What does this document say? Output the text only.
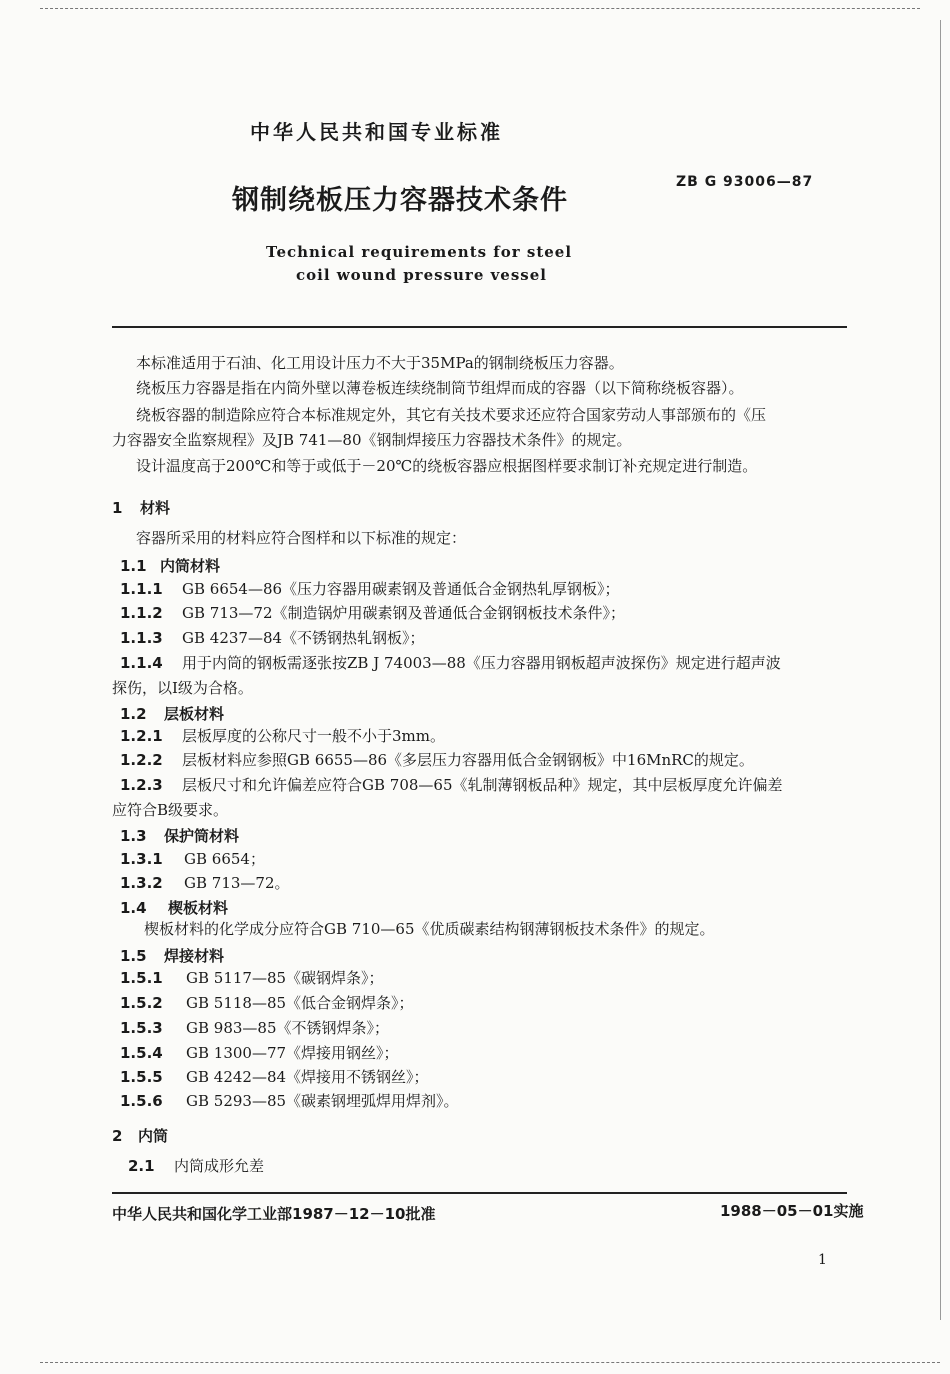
中华人民共和国专业标准
ZB G 93006—87
钢制绕板压力容器技术条件
Technical requirements for steel
coil wound pressure vessel
本标准适用于石油、化工用设计压力不大于35MPa的钢制绕板压力容器。
绕板压力容器是指在内筒外壁以薄卷板连续绕制筒节组焊而成的容器（以下简称绕板容器）。
绕板容器的制造除应符合本标准规定外，其它有关技术要求还应符合国家劳动人事部颁布的《压
力容器安全监察规程》及JB 741—80《钢制焊接压力容器技术条件》的规定。
设计温度高于200℃和等于或低于－20℃的绕板容器应根据图样要求制订补充规定进行制造。
1 材料
容器所采用的材料应符合图样和以下标准的规定：
1.1 内筒材料
1.1.1 GB 6654—86《压力容器用碳素钢及普通低合金钢热轧厚钢板》；
1.1.2 GB 713—72《制造锅炉用碳素钢及普通低合金钢钢板技术条件》；
1.1.3 GB 4237—84《不锈钢热轧钢板》；
1.1.4 用于内筒的钢板需逐张按ZB J 74003—88《压力容器用钢板超声波探伤》规定进行超声波
探伤，以Ⅰ级为合格。
1.2 层板材料
1.2.1 层板厚度的公称尺寸一般不小于3mm。
1.2.2 层板材料应参照GB 6655—86《多层压力容器用低合金钢钢板》中16MnRC的规定。
1.2.3 层板尺寸和允许偏差应符合GB 708—65《轧制薄钢板品种》规定，其中层板厚度允许偏差
应符合B级要求。
1.3 保护筒材料
1.3.1 GB 6654；
1.3.2 GB 713—72。
1.4 楔板材料
楔板材料的化学成分应符合GB 710—65《优质碳素结构钢薄钢板技术条件》的规定。
1.5 焊接材料
1.5.1 GB 5117—85《碳钢焊条》；
1.5.2 GB 5118—85《低合金钢焊条》；
1.5.3 GB 983—85《不锈钢焊条》；
1.5.4 GB 1300—77《焊接用钢丝》；
1.5.5 GB 4242—84《焊接用不锈钢丝》；
1.5.6 GB 5293—85《碳素钢埋弧焊用焊剂》。
2 内筒
2.1 内筒成形允差
中华人民共和国化学工业部1987－12－10批准	1988－05－01实施
1
